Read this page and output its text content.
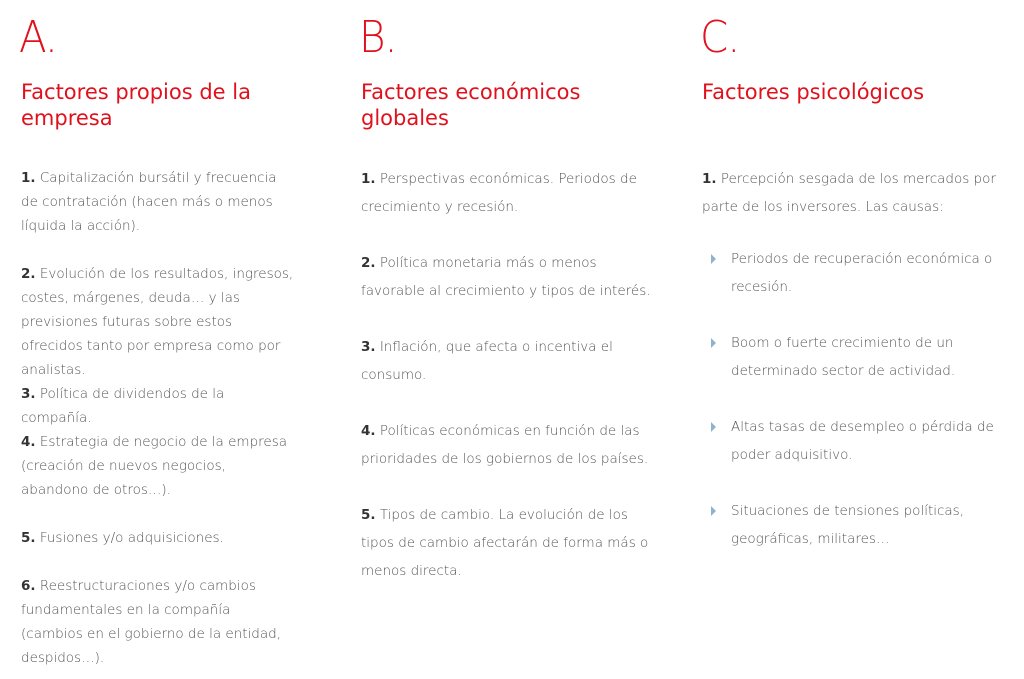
A.
Factores propios de la empresa

1. Capitalización bursátil y frecuencia de contratación (hacen más o menos líquida la acción).

2. Evolución de los resultados, ingresos, costes, márgenes, deuda… y las previsiones futuras sobre estos ofrecidos tanto por empresa como por analistas.

3. Política de dividendos de la compañía.

4. Estrategia de negocio de la empresa (creación de nuevos negocios, abandono de otros…).

5. Fusiones y/o adquisiciones.

6. Reestructuraciones y/o cambios fundamentales en la compañía (cambios en el gobierno de la entidad, despidos…).

B.
Factores económicos globales

1. Perspectivas económicas. Periodos de crecimiento y recesión.

2. Política monetaria más o menos favorable al crecimiento y tipos de interés.

3. Inflación, que afecta o incentiva el consumo.

4. Políticas económicas en función de las prioridades de los gobiernos de los países.

5. Tipos de cambio. La evolución de los tipos de cambio afectarán de forma más o menos directa.

C.
Factores psicológicos

1. Percepción sesgada de los mercados por parte de los inversores. Las causas:

Periodos de recuperación económica o recesión.
Boom o fuerte crecimiento de un determinado sector de actividad.
Altas tasas de desempleo o pérdida de poder adquisitivo.
Situaciones de tensiones políticas, geográficas, militares…
